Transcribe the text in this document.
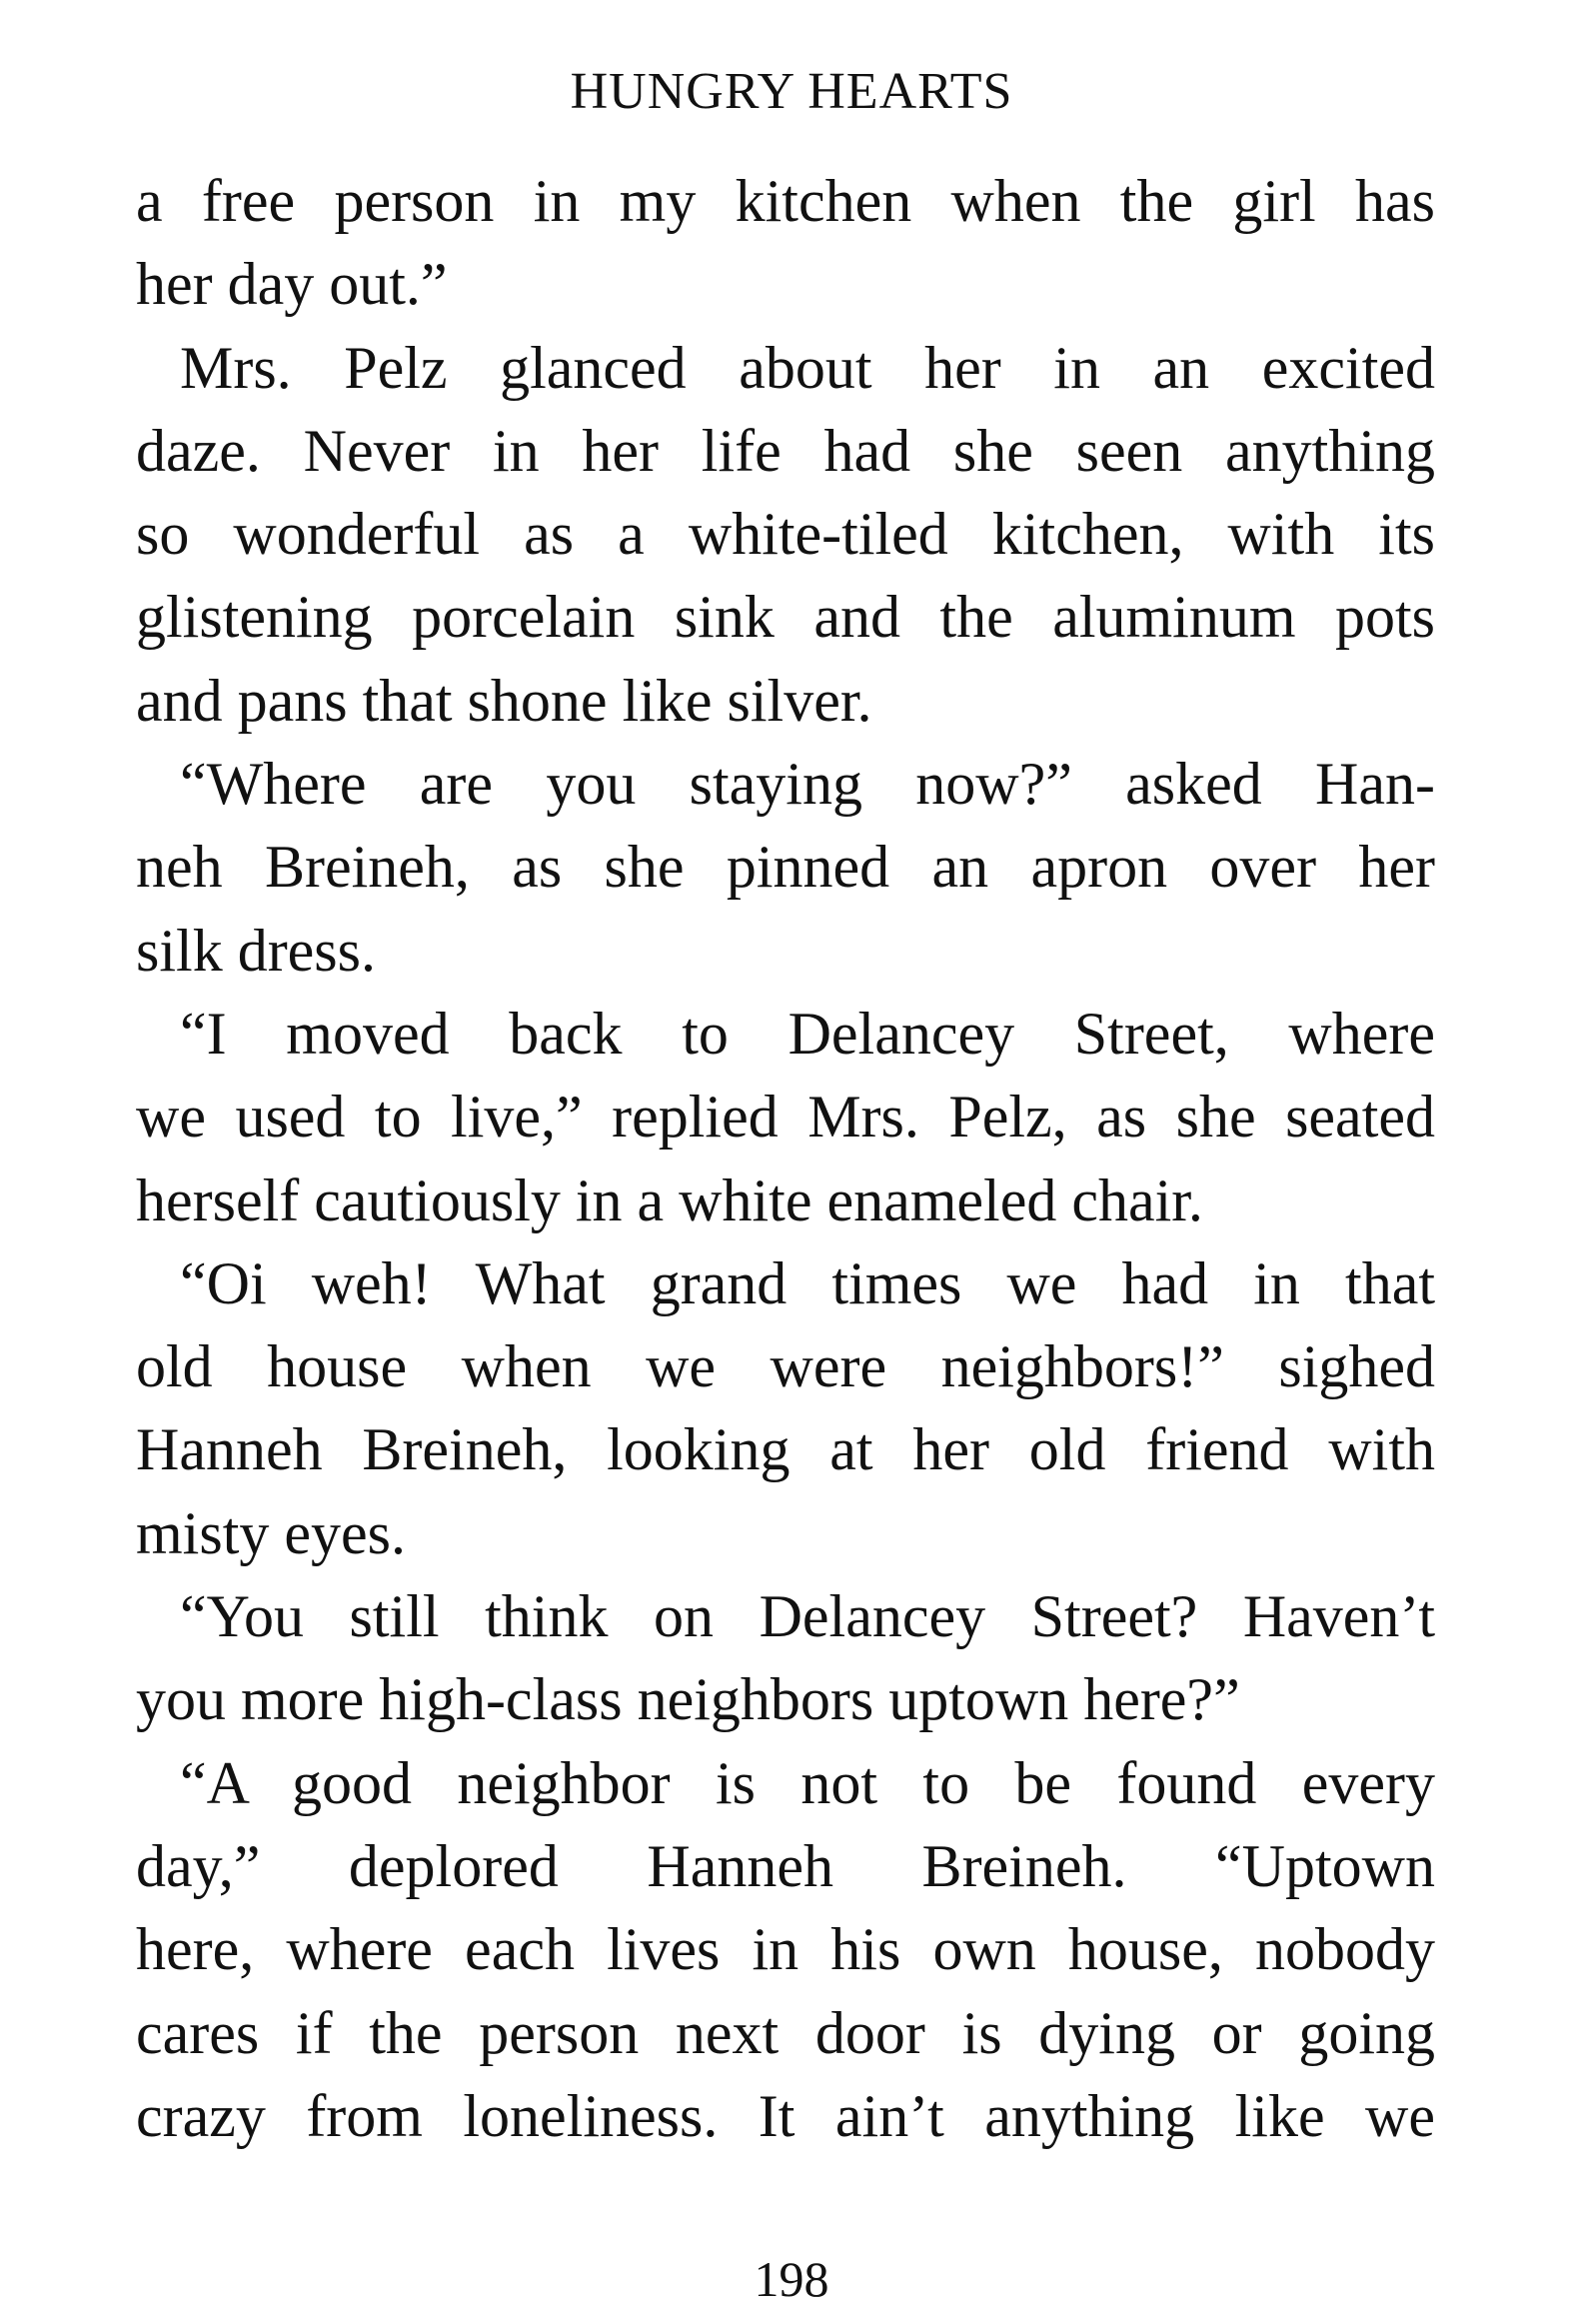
HUNGRY HEARTS
a free person in my kitchen when the girl has
her day out.”
Mrs. Pelz glanced about her in an excited
daze. Never in her life had she seen anything
so wonderful as a white-tiled kitchen, with its
glistening porcelain sink and the aluminum pots
and pans that shone like silver.
“Where are you staying now?” asked Han-
neh Breineh, as she pinned an apron over her
silk dress.
“I moved back to Delancey Street, where
we used to live,” replied Mrs. Pelz, as she seated
herself cautiously in a white enameled chair.
“Oi weh! What grand times we had in that
old house when we were neighbors!” sighed
Hanneh Breineh, looking at her old friend with
misty eyes.
“You still think on Delancey Street? Haven’t
you more high-class neighbors uptown here?”
“A good neighbor is not to be found every
day,” deplored Hanneh Breineh. “Uptown
here, where each lives in his own house, nobody
cares if the person next door is dying or going
crazy from loneliness. It ain’t anything like we
198
